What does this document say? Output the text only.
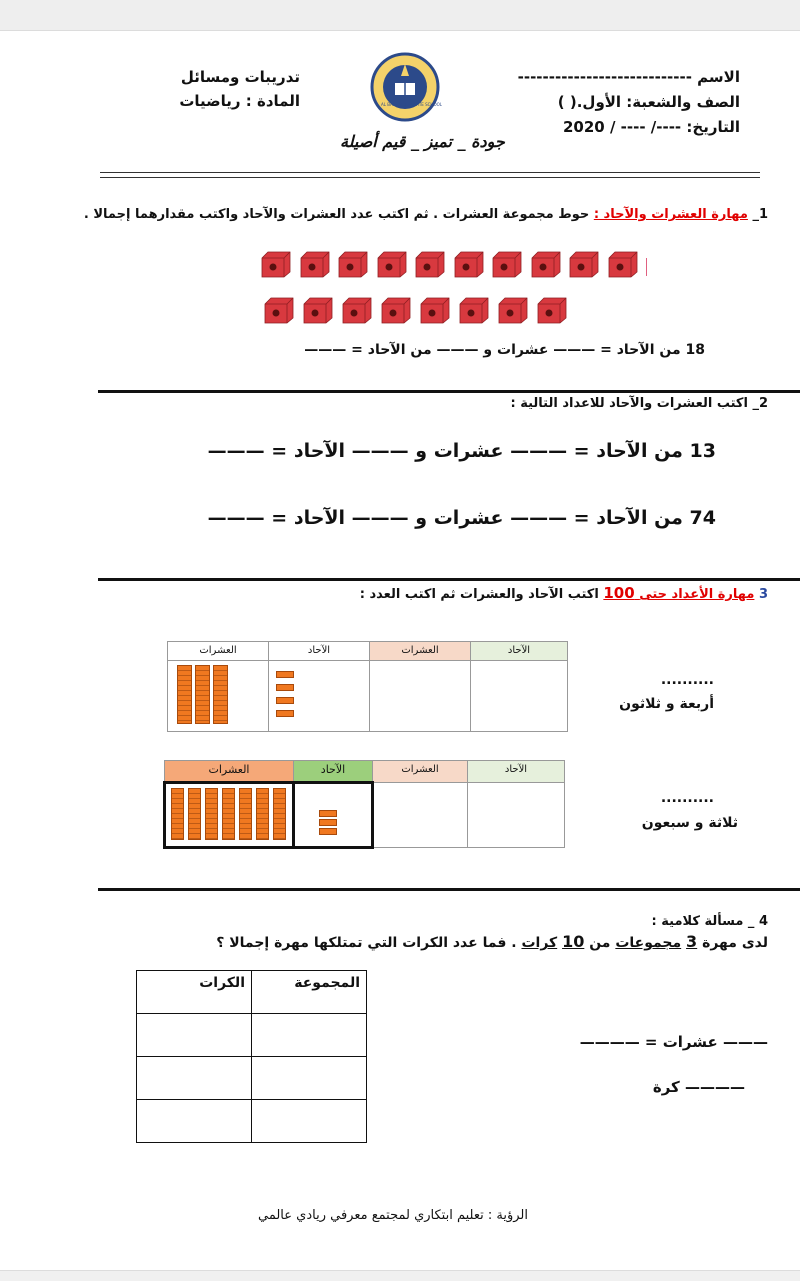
الاسم ----------------------------
الصف والشعبة: الأول.( )
التاريخ: ----/ ---- / 2020
تدريبات ومسائل
المادة : رياضيات	AL BASHAER PRIVATE SCHOOL
جودة _ تميز _ قيم أصيلة
1_ مهارة العشرات والآحاد : حوط مجموعة العشرات . ثم اكتب عدد العشرات والآحاد واكتب مقدارهما إجمالا .
18 من الآحاد = ——— عشرات و ——— من الآحاد = ———
2_ اكتب العشرات والآحاد للاعداد التالية :
13 من الآحاد = ——— عشرات و ——— الآحاد = ———
74 من الآحاد = ——— عشرات و ——— الآحاد = ———
3 مهارة الأعداد حتى 100 اكتب الآحاد والعشرات ثم اكتب العدد :
العشرات	الآحاد	العشرات	الآحاد

..........
أربعة و ثلاثون
العشرات	الآحاد	العشرات	الآحاد

..........
ثلاثة و سبعون
4 _ مسألة كلامية :
لدى مهرة 3 مجموعات من 10 كرات . فما عدد الكرات التي تمتلكها مهرة إجمالا ؟
الكرات	المجموعة

——— عشرات = ————
———— كرة
الرؤية : تعليم ابتكاري لمجتمع معرفي ريادي عالمي
